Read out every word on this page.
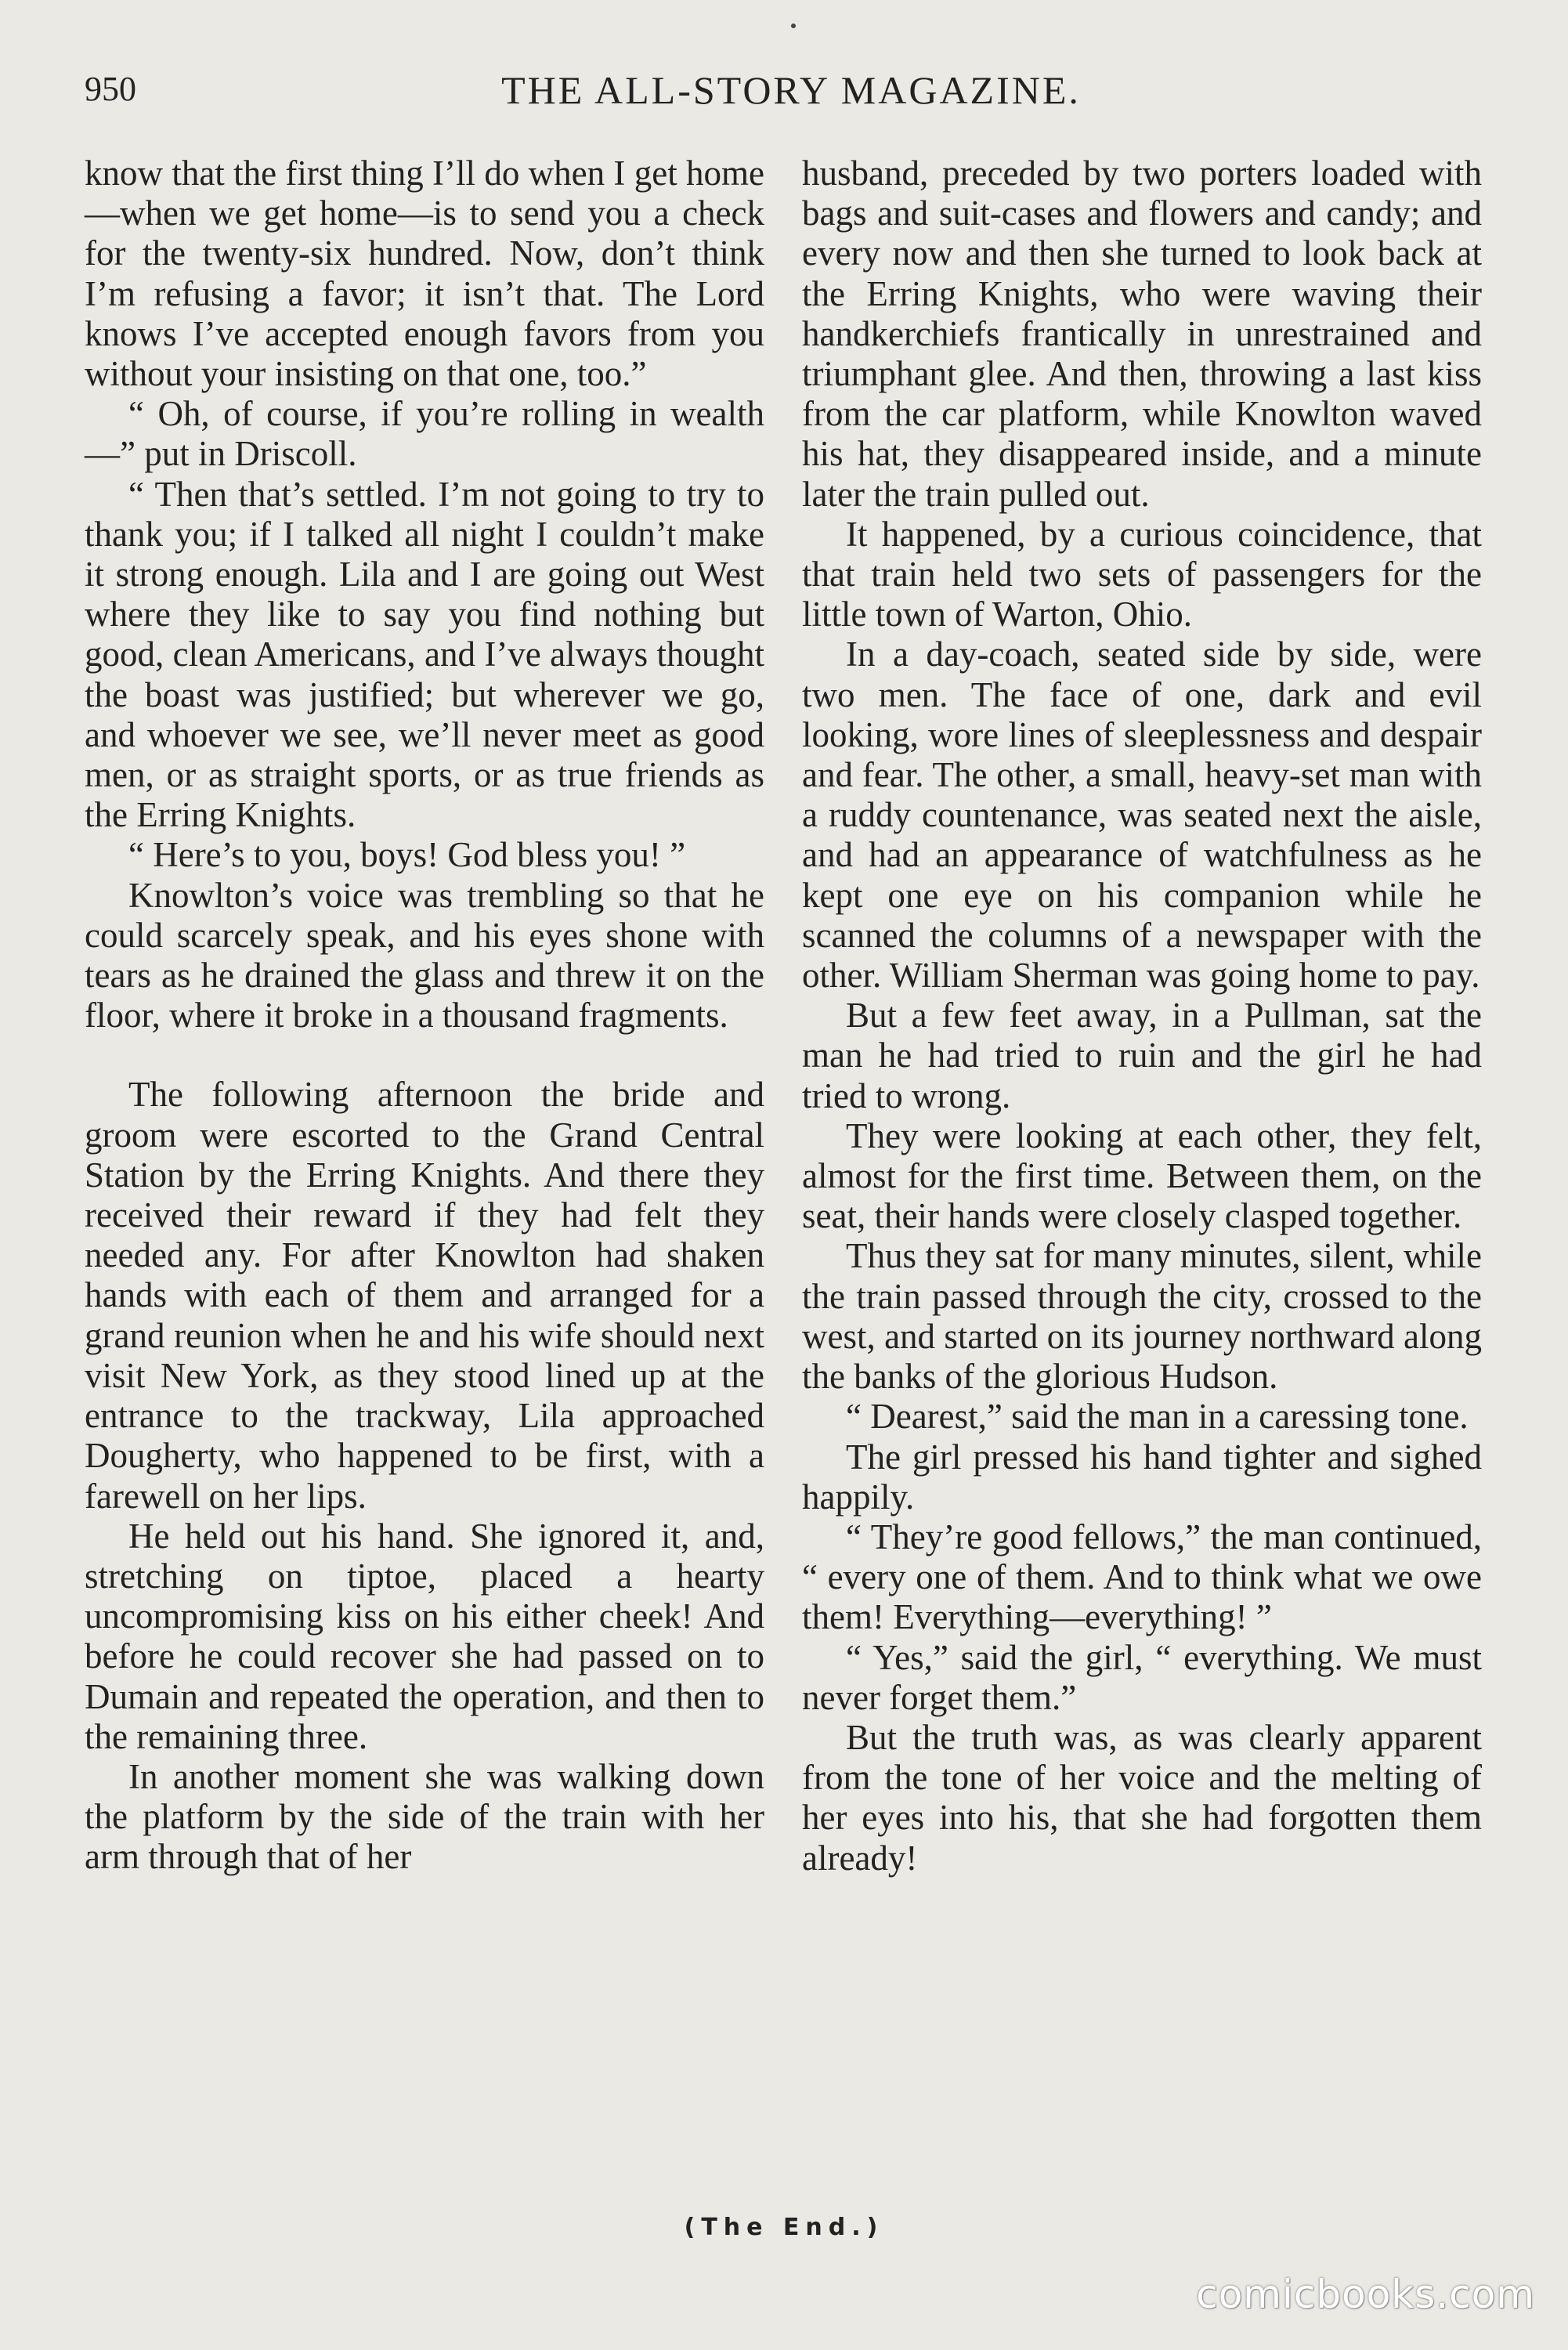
950	THE ALL-STORY MAGAZINE.

know that the first thing I’ll do when I get home—when we get home—is to send you a check for the twenty-six hundred. Now, don’t think I’m refusing a favor; it isn’t that. The Lord knows I’ve accepted enough favors from you without your insisting on that one, too.”

“ Oh, of course, if you’re rolling in wealth—” put in Driscoll.

“ Then that’s settled. I’m not going to try to thank you; if I talked all night I couldn’t make it strong enough. Lila and I are going out West where they like to say you find nothing but good, clean Americans, and I’ve always thought the boast was justified; but wherever we go, and whoever we see, we’ll never meet as good men, or as straight sports, or as true friends as the Erring Knights.

“ Here’s to you, boys! God bless you! ”

Knowlton’s voice was trembling so that he could scarcely speak, and his eyes shone with tears as he drained the glass and threw it on the floor, where it broke in a thousand fragments.

The following afternoon the bride and groom were escorted to the Grand Central Station by the Erring Knights. And there they received their reward if they had felt they needed any. For after Knowlton had shaken hands with each of them and arranged for a grand reunion when he and his wife should next visit New York, as they stood lined up at the entrance to the trackway, Lila approached Dougherty, who happened to be first, with a farewell on her lips.

He held out his hand. She ignored it, and, stretching on tiptoe, placed a hearty uncompromising kiss on his either cheek! And before he could recover she had passed on to Dumain and repeated the operation, and then to the remaining three.

In another moment she was walking down the platform by the side of the train with her arm through that of her

husband, preceded by two porters loaded with bags and suit-cases and flowers and candy; and every now and then she turned to look back at the Erring Knights, who were waving their handkerchiefs frantically in unrestrained and triumphant glee. And then, throwing a last kiss from the car platform, while Knowlton waved his hat, they disappeared inside, and a minute later the train pulled out.

It happened, by a curious coincidence, that that train held two sets of passengers for the little town of Warton, Ohio.

In a day-coach, seated side by side, were two men. The face of one, dark and evil looking, wore lines of sleeplessness and despair and fear. The other, a small, heavy-set man with a ruddy countenance, was seated next the aisle, and had an appearance of watchfulness as he kept one eye on his companion while he scanned the columns of a newspaper with the other. William Sherman was going home to pay.

But a few feet away, in a Pullman, sat the man he had tried to ruin and the girl he had tried to wrong.

They were looking at each other, they felt, almost for the first time. Between them, on the seat, their hands were closely clasped together.

Thus they sat for many minutes, silent, while the train passed through the city, crossed to the west, and started on its journey northward along the banks of the glorious Hudson.

“ Dearest,” said the man in a caressing tone.

The girl pressed his hand tighter and sighed happily.

“ They’re good fellows,” the man continued, “ every one of them. And to think what we owe them! Everything—everything! ”

“ Yes,” said the girl, “ everything. We must never forget them.”

But the truth was, as was clearly apparent from the tone of her voice and the melting of her eyes into his, that she had forgotten them already!

(The End.)
comicbooks.com
